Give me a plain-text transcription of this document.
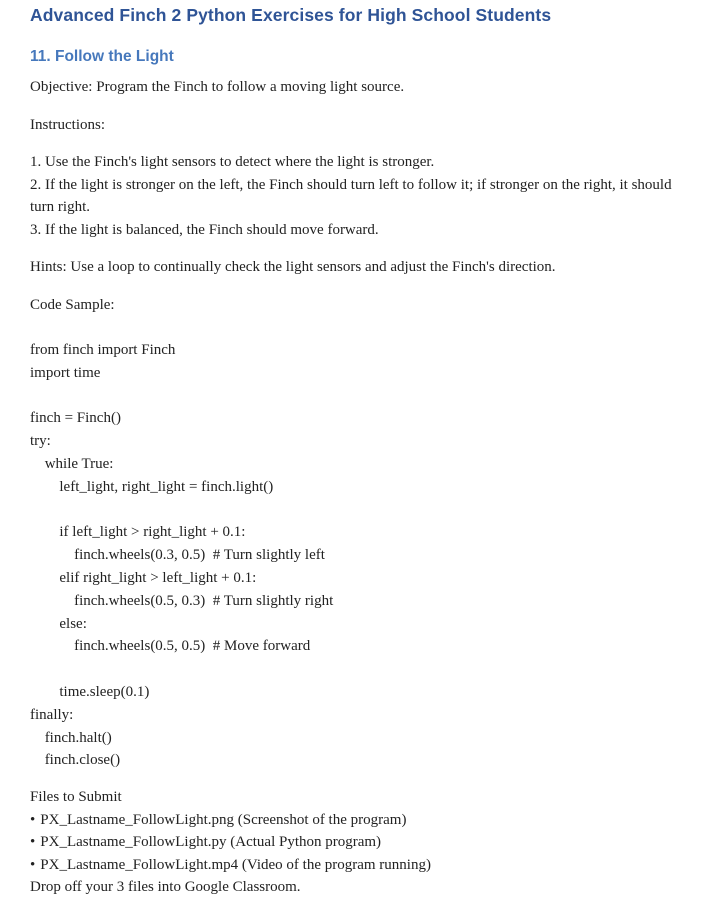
Advanced Finch 2 Python Exercises for High School Students
11. Follow the Light

Objective: Program the Finch to follow a moving light source.

Instructions:

1. Use the Finch's light sensors to detect where the light is stronger.
2. If the light is stronger on the left, the Finch should turn left to follow it; if stronger on the right, it should turn right.
3. If the light is balanced, the Finch should move forward.

Hints: Use a loop to continually check the light sensors and adjust the Finch's direction.

Code Sample:

from finch import Finch
import time
finch = Finch()
try:
while True:
left_light, right_light = finch.light()
if left_light > right_light + 0.1:
finch.wheels(0.3, 0.5)  # Turn slightly left
elif right_light > left_light + 0.1:
finch.wheels(0.5, 0.3)  # Turn slightly right
else:
finch.wheels(0.5, 0.5)  # Move forward
time.sleep(0.1)
finally:
finch.halt()
finch.close()
Files to Submit
• PX_Lastname_FollowLight.png (Screenshot of the program)
• PX_Lastname_FollowLight.py (Actual Python program)
• PX_Lastname_FollowLight.mp4 (Video of the program running)
Drop off your 3 files into Google Classroom.
